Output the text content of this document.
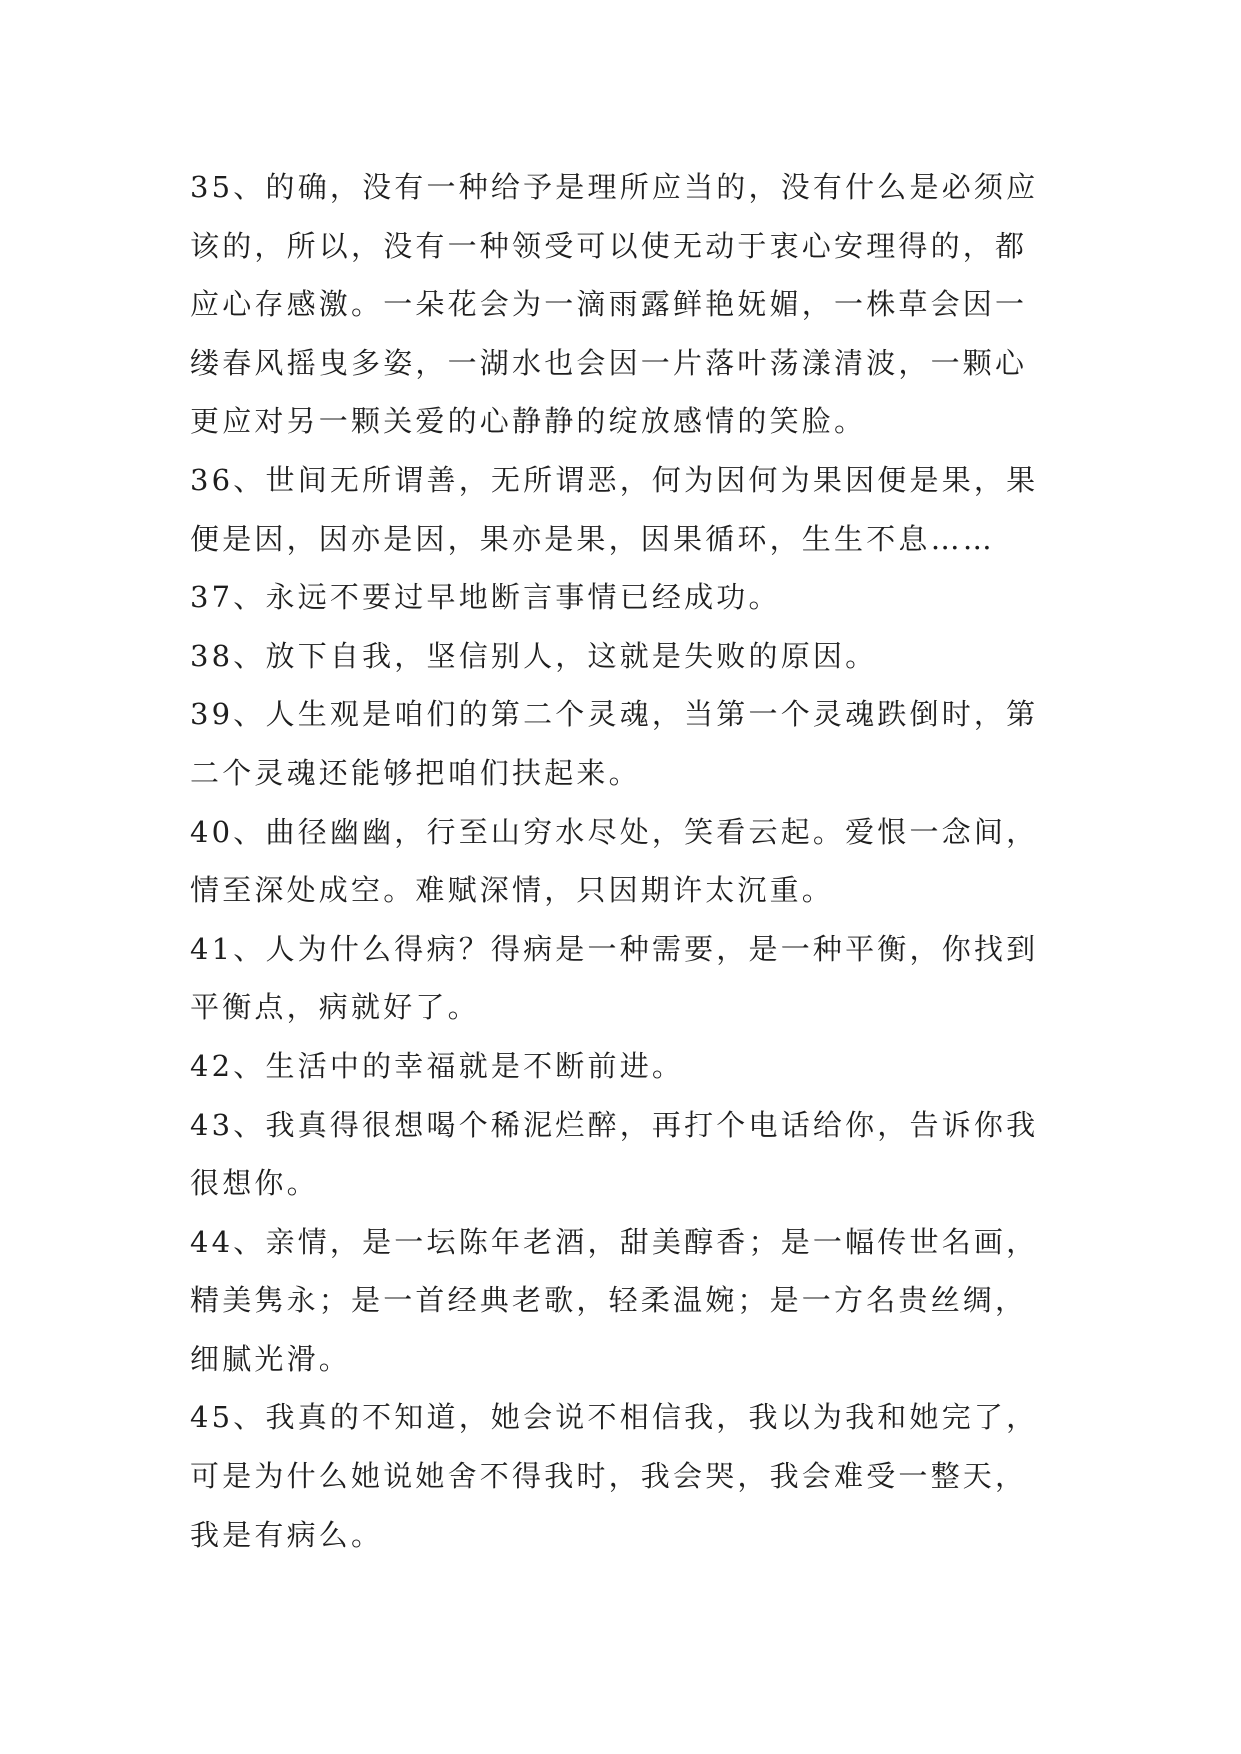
35、的确，没有一种给予是理所应当的，没有什么是必须应
该的，所以，没有一种领受可以使无动于衷心安理得的，都
应心存感激。一朵花会为一滴雨露鲜艳妩媚，一株草会因一
缕春风摇曳多姿，一湖水也会因一片落叶荡漾清波，一颗心
更应对另一颗关爱的心静静的绽放感情的笑脸。
36、世间无所谓善，无所谓恶，何为因何为果因便是果，果
便是因，因亦是因，果亦是果，因果循环，生生不息……
37、永远不要过早地断言事情已经成功。
38、放下自我，坚信别人，这就是失败的原因。
39、人生观是咱们的第二个灵魂，当第一个灵魂跌倒时，第
二个灵魂还能够把咱们扶起来。
40、曲径幽幽，行至山穷水尽处，笑看云起。爱恨一念间，
情至深处成空。难赋深情，只因期许太沉重。
41、人为什么得病？得病是一种需要，是一种平衡，你找到
平衡点，病就好了。
42、生活中的幸福就是不断前进。
43、我真得很想喝个稀泥烂醉，再打个电话给你，告诉你我
很想你。
44、亲情，是一坛陈年老酒，甜美醇香；是一幅传世名画，
精美隽永；是一首经典老歌，轻柔温婉；是一方名贵丝绸，
细腻光滑。
45、我真的不知道，她会说不相信我，我以为我和她完了，
可是为什么她说她舍不得我时，我会哭，我会难受一整天，
我是有病么。
